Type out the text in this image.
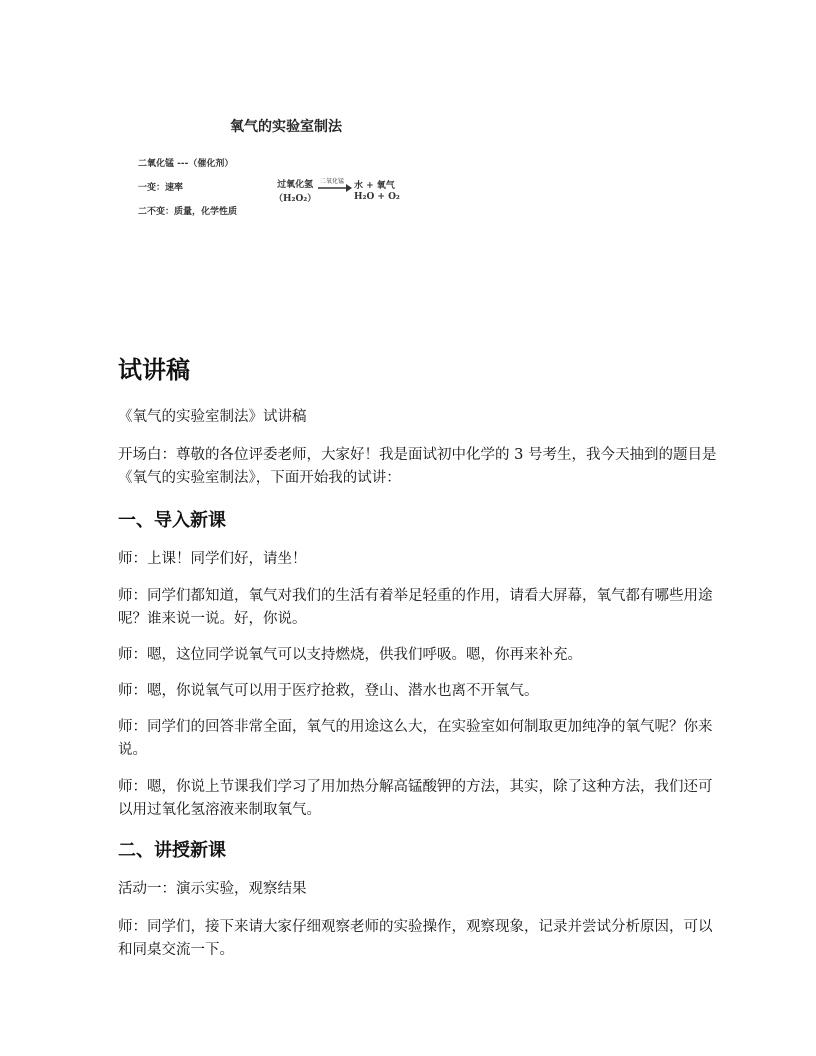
氧气的实验室制法
二氧化锰 ---（催化剂）
一变：速率
二不变：质量，化学性质
过氧化氢
（H₂O₂）
二氧化锰 → 水 + 氧气
H₂O + O₂
试讲稿
《氧气的实验室制法》试讲稿
开场白：尊敬的各位评委老师，大家好！我是面试初中化学的 3 号考生，我今天抽到的题目是《氧气的实验室制法》，下面开始我的试讲：
一、导入新课
师：上课！同学们好，请坐！
师：同学们都知道，氧气对我们的生活有着举足轻重的作用，请看大屏幕，氧气都有哪些用途呢？谁来说一说。好，你说。
师：嗯，这位同学说氧气可以支持燃烧，供我们呼吸。嗯，你再来补充。
师：嗯，你说氧气可以用于医疗抢救，登山、潜水也离不开氧气。
师：同学们的回答非常全面，氧气的用途这么大，在实验室如何制取更加纯净的氧气呢？你来说。
师：嗯，你说上节课我们学习了用加热分解高锰酸钾的方法，其实，除了这种方法，我们还可以用过氧化氢溶液来制取氧气。
二、讲授新课
活动一：演示实验，观察结果
师：同学们，接下来请大家仔细观察老师的实验操作，观察现象，记录并尝试分析原因，可以和同桌交流一下。
